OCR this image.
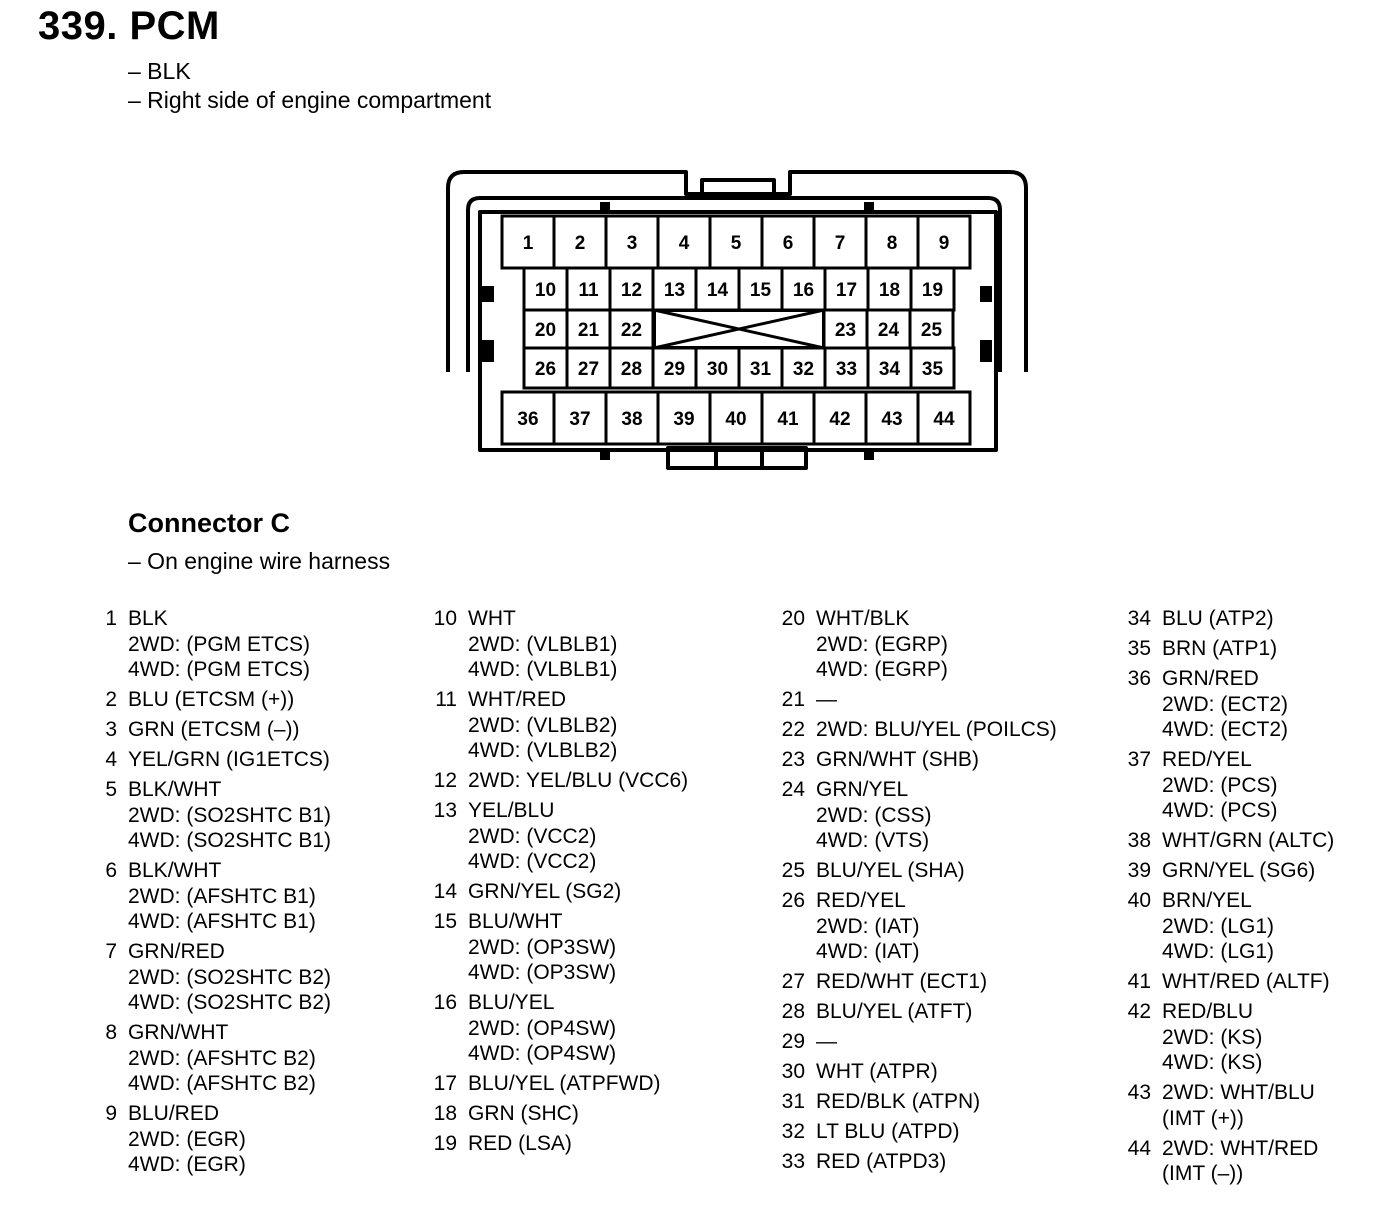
339. PCM
– BLK
– Right side of engine compartment
1 2 3 4 5 6 7 8 9
10 11 12 13 14 15 16 17 18 19
20 21 22	23 24 25
26 27 28 29 30 31 32 33 34 35
36 37 38 39 40 41 42 43 44
Connector C
– On engine wire harness
1 BLK
2WD: (PGM ETCS)
4WD: (PGM ETCS)
2 BLU (ETCSM (+))
3 GRN (ETCSM (–))
4 YEL/GRN (IG1ETCS)
5 BLK/WHT
2WD: (SO2SHTC B1)
4WD: (SO2SHTC B1)
6 BLK/WHT
2WD: (AFSHTC B1)
4WD: (AFSHTC B1)
7 GRN/RED
2WD: (SO2SHTC B2)
4WD: (SO2SHTC B2)
8 GRN/WHT
2WD: (AFSHTC B2)
4WD: (AFSHTC B2)
9 BLU/RED
2WD: (EGR)
4WD: (EGR)
10 WHT
2WD: (VLBLB1)
4WD: (VLBLB1)
11 WHT/RED
2WD: (VLBLB2)
4WD: (VLBLB2)
12 2WD: YEL/BLU (VCC6)
13 YEL/BLU
2WD: (VCC2)
4WD: (VCC2)
14 GRN/YEL (SG2)
15 BLU/WHT
2WD: (OP3SW)
4WD: (OP3SW)
16 BLU/YEL
2WD: (OP4SW)
4WD: (OP4SW)
17 BLU/YEL (ATPFWD)
18 GRN (SHC)
19 RED (LSA)
20 WHT/BLK
2WD: (EGRP)
4WD: (EGRP)
21 —
22 2WD: BLU/YEL (POILCS)
23 GRN/WHT (SHB)
24 GRN/YEL
2WD: (CSS)
4WD: (VTS)
25 BLU/YEL (SHA)
26 RED/YEL
2WD: (IAT)
4WD: (IAT)
27 RED/WHT (ECT1)
28 BLU/YEL (ATFT)
29 —
30 WHT (ATPR)
31 RED/BLK (ATPN)
32 LT BLU (ATPD)
33 RED (ATPD3)
34 BLU (ATP2)
35 BRN (ATP1)
36 GRN/RED
2WD: (ECT2)
4WD: (ECT2)
37 RED/YEL
2WD: (PCS)
4WD: (PCS)
38 WHT/GRN (ALTC)
39 GRN/YEL (SG6)
40 BRN/YEL
2WD: (LG1)
4WD: (LG1)
41 WHT/RED (ALTF)
42 RED/BLU
2WD: (KS)
4WD: (KS)
43 2WD: WHT/BLU
(IMT (+))
44 2WD: WHT/RED
(IMT (–))
